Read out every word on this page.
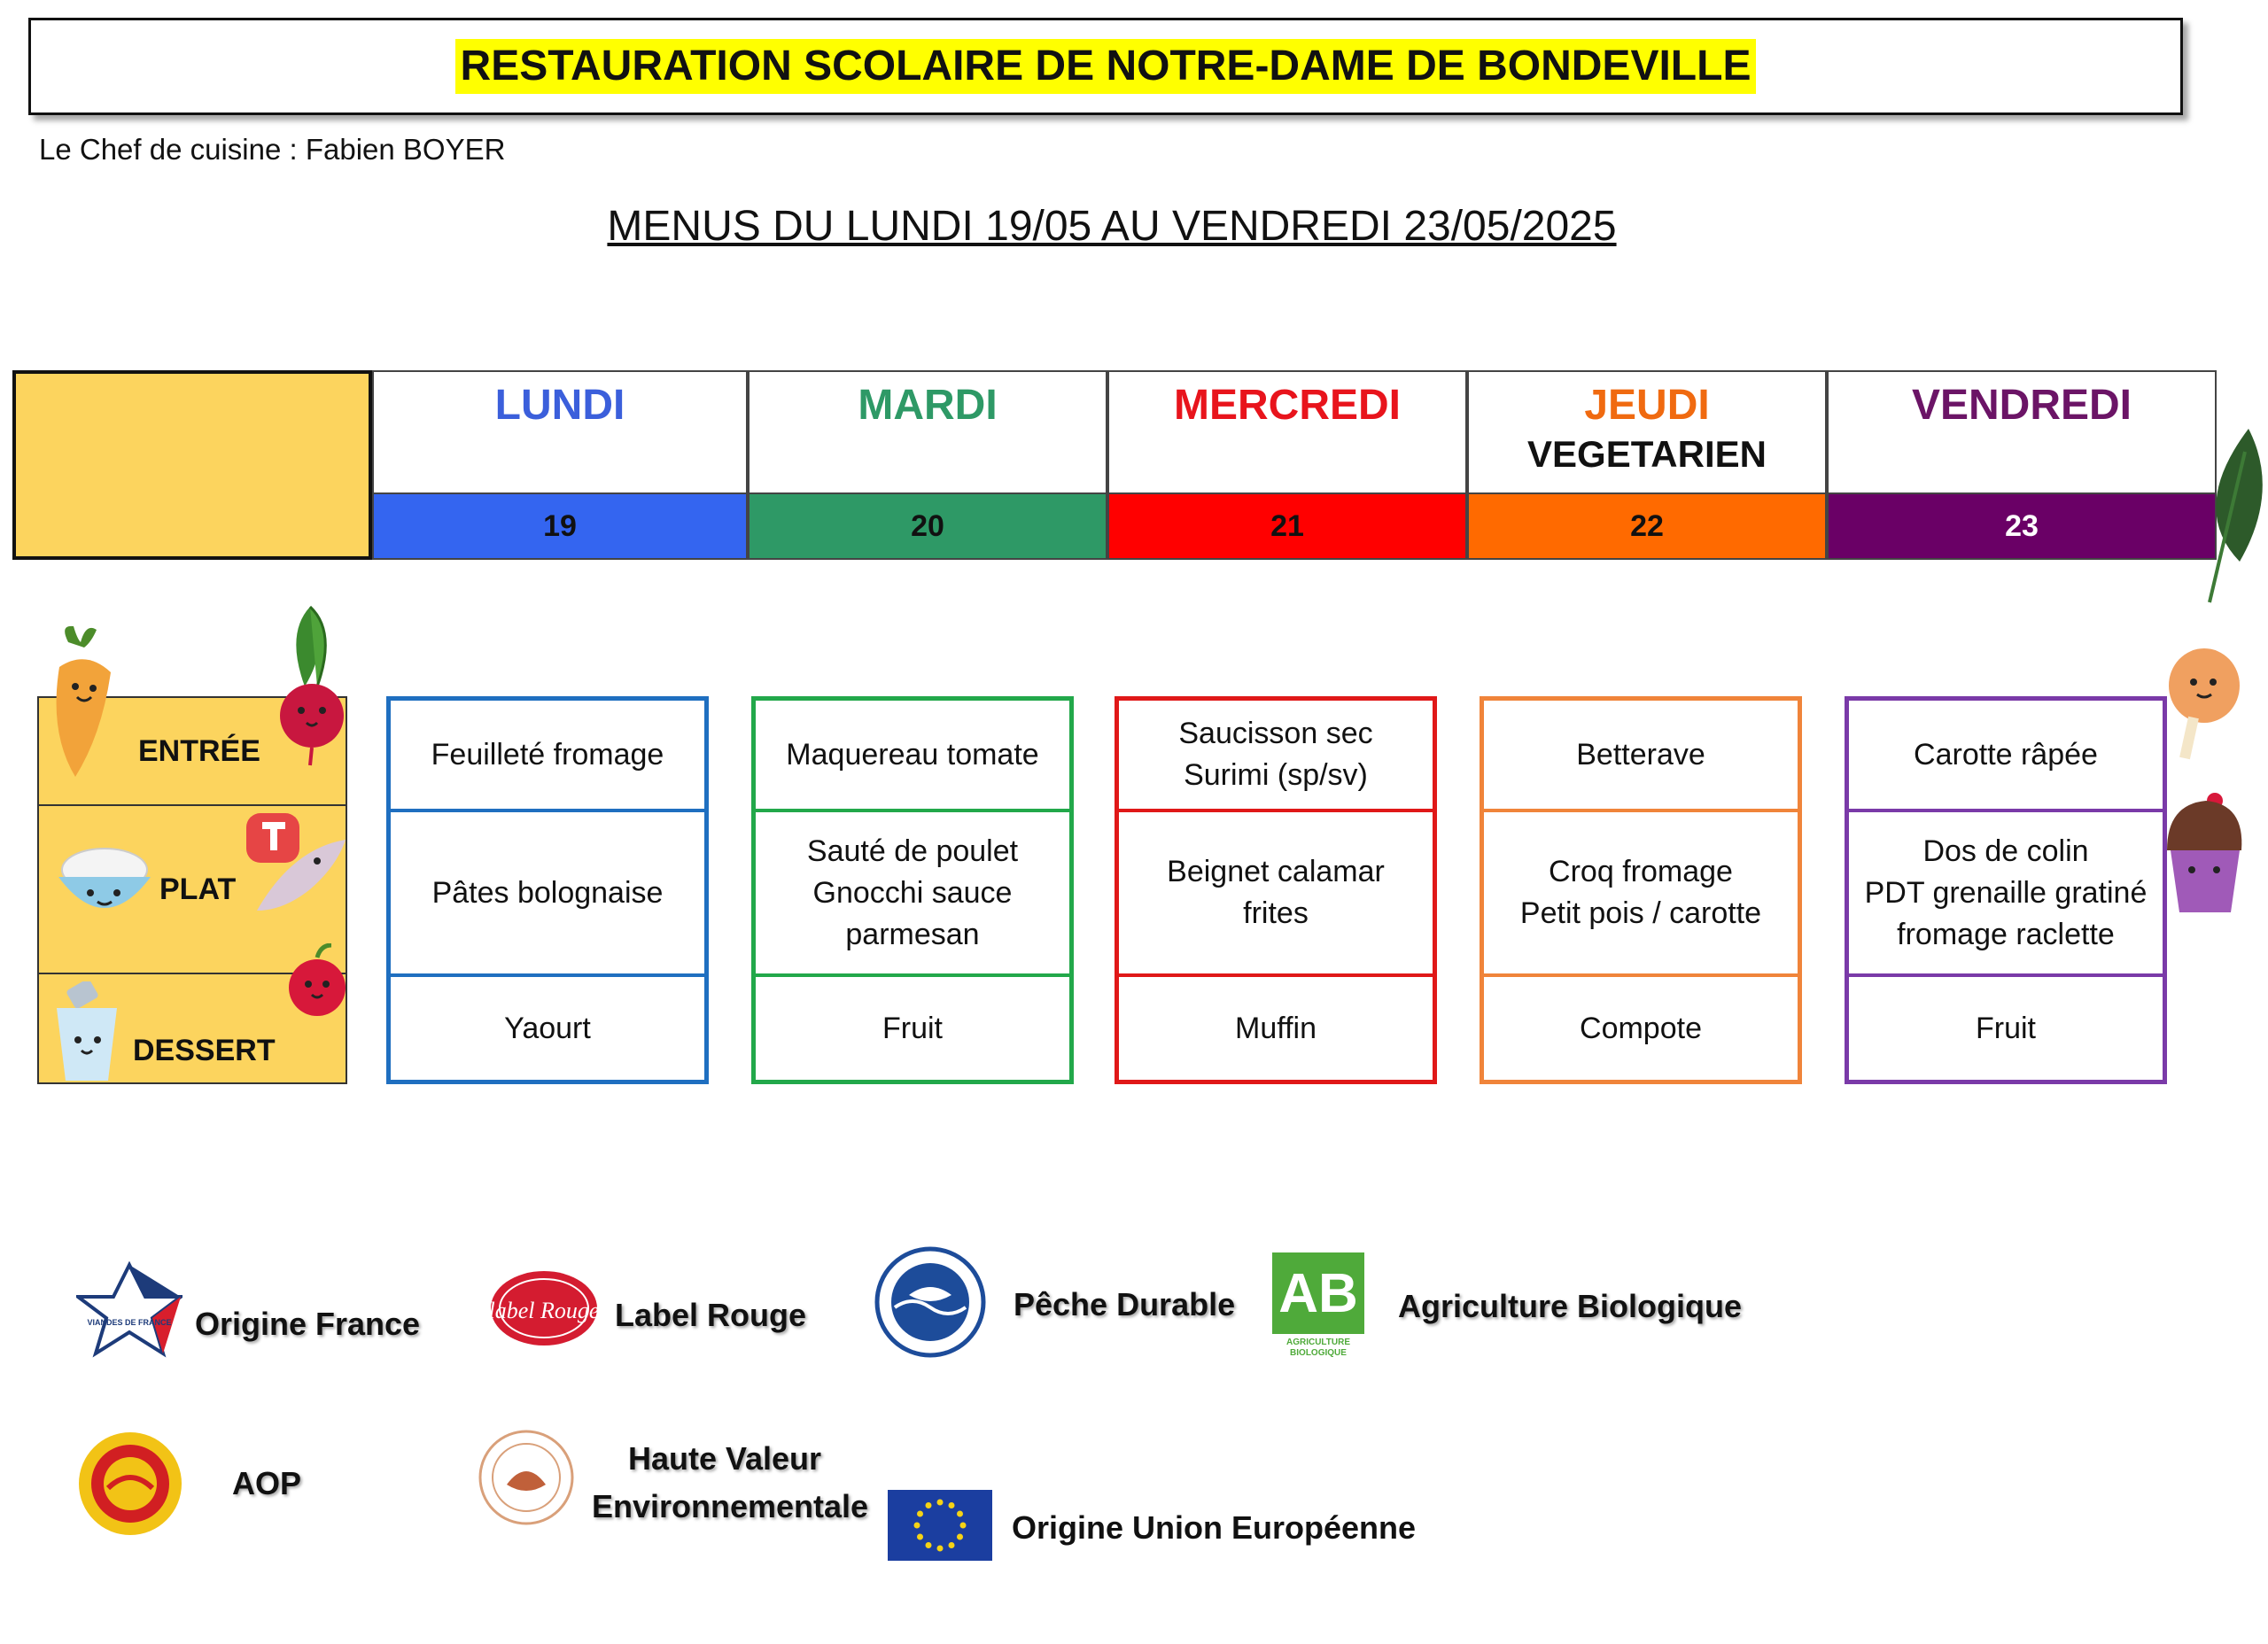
RESTAURATION SCOLAIRE DE NOTRE-DAME DE BONDEVILLE
Le Chef de cuisine : Fabien BOYER
MENUS DU LUNDI 19/05 AU VENDREDI 23/05/2025
LUNDI
19
MARDI
20
MERCREDI
21
JEUDI
VEGETARIEN
22
VENDREDI
23
ENTRÉE
PLAT
DESSERT
Feuilleté fromage
Pâtes bolognaise
Yaourt
Maquereau tomate
Sauté de poulet
Gnocchi sauce
parmesan
Fruit
Saucisson sec
Surimi (sp/sv)
Beignet calamar
frites
Muffin
Betterave
Croq fromage
Petit pois / carotte
Compote
Carotte râpée
Dos de colin
PDT grenaille gratiné
fromage raclette
Fruit
VIANDES DE FRANCE Origine France	label Rouge Label Rouge	Pêche Durable AB
AGRICULTURE BIOLOGIQUE
Agriculture Biologique
AOP
Haute Valeur
Environnementale
Origine Union Européenne
